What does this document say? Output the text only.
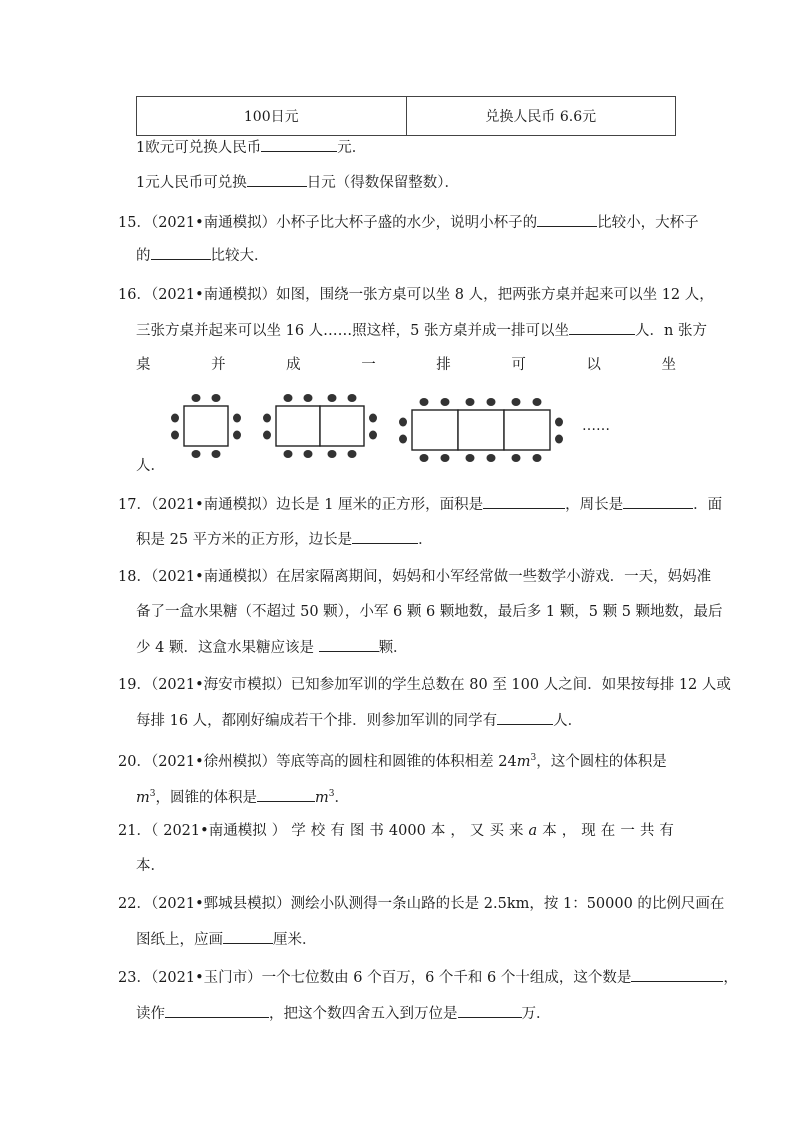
100日元	兑换人民币 6.6元
1欧元可兑换人民币	元．
1元人民币可兑换	日元（得数保留整数）．
15．（2021•南通模拟）小杯子比大杯子盛的水少，说明小杯子的	比较小，大杯子
的	比较大．
16．（2021•南通模拟）如图，围绕一张方桌可以坐 8 人，把两张方桌并起来可以坐 12 人，
三张方桌并起来可以坐 16 人……照这样，5 张方桌并成一排可以坐	人．n 张方
桌	并	成	一	排	可	以	坐
……
人．
17．（2021•南通模拟）边长是 1 厘米的正方形，面积是	，周长是	．面
积是 25 平方米的正方形，边长是	．
18．（2021•南通模拟）在居家隔离期间，妈妈和小军经常做一些数学小游戏．一天，妈妈准
备了一盒水果糖（不超过 50 颗），小军 6 颗 6 颗地数，最后多 1 颗，5 颗 5 颗地数，最后
少 4 颗．这盒水果糖应该是	颗．
19．（2021•海安市模拟）已知参加军训的学生总数在 80 至 100 人之间．如果按每排 12 人或
每排 16 人，都刚好编成若干个排．则参加军训的同学有	人．
20．（2021•徐州模拟）等底等高的圆柱和圆锥的体积相差 $24m^3$，这个圆柱的体积是
$m^3$，圆锥的体积是	$m^3$．
21．（ 2021•南通模拟 ） 学 校 有 图 书 4000 本 ， 又 买 来 a 本 ， 现 在 一 共 有
本．
22．（2021•鄄城县模拟）测绘小队测得一条山路的长是 2.5km，按 1：50000 的比例尺画在
图纸上，应画	厘米．
23．（2021•玉门市）一个七位数由 6 个百万，6 个千和 6 个十组成，这个数是	，
读作	，把这个数四舍五入到万位是	万．
